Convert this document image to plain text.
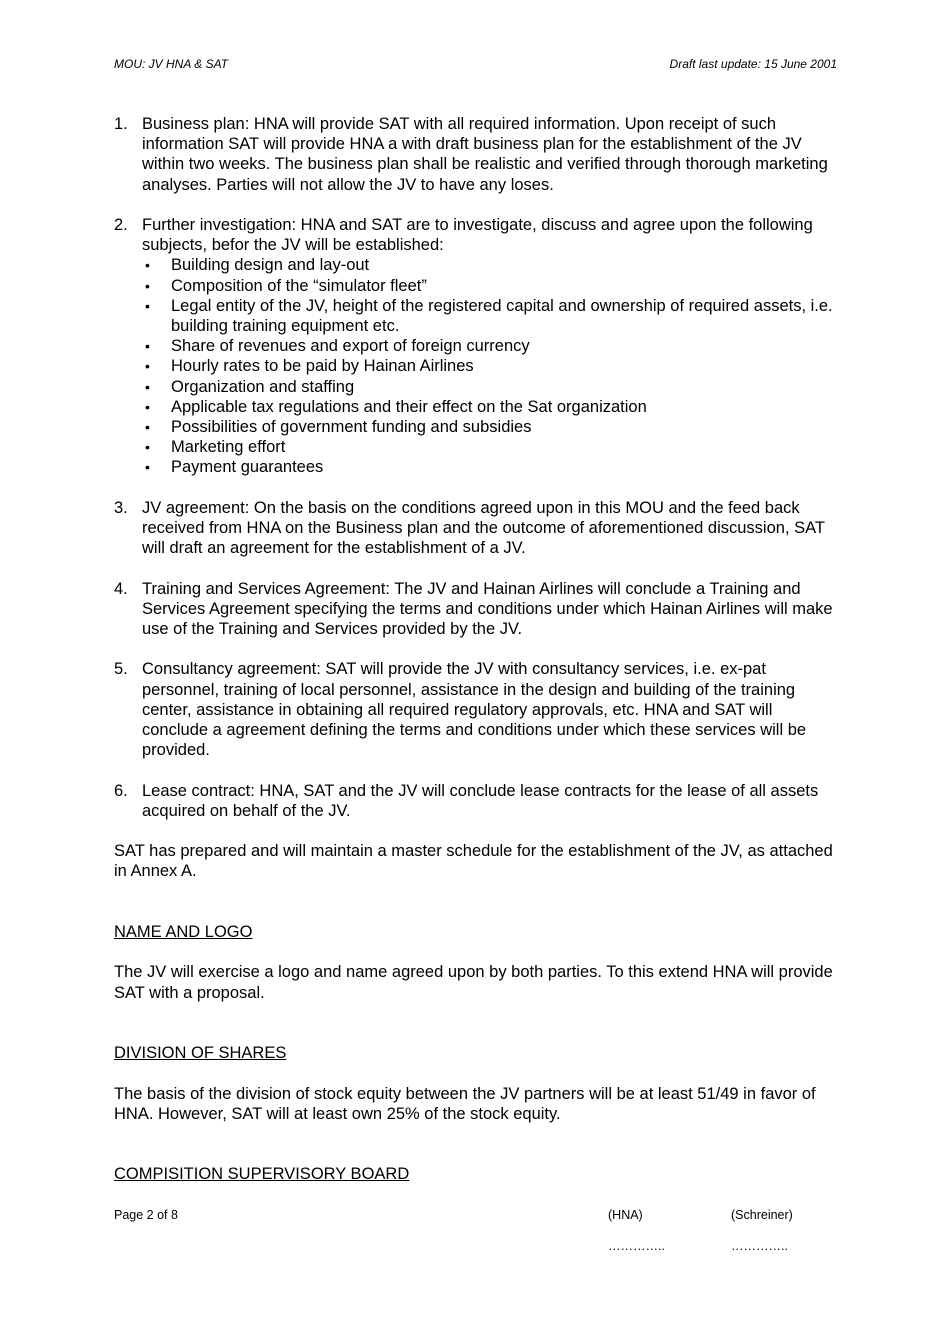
MOU: JV HNA & SAT	Draft last update: 15 June 2001
1. Business plan: HNA will provide SAT with all required information. Upon receipt of such information SAT will provide HNA a with draft business plan for the establishment of the JV within two weeks. The business plan shall be realistic and verified through thorough marketing analyses. Parties will not allow the JV to have any loses.
2. Further investigation: HNA and SAT are to investigate, discuss and agree upon the following subjects, befor the JV will be established:
• Building design and lay-out
• Composition of the “simulator fleet”
• Legal entity of the JV, height of the registered capital and ownership of required assets, i.e. building training equipment etc.
• Share of revenues and export of foreign currency
• Hourly rates to be paid by Hainan Airlines
• Organization and staffing
• Applicable tax regulations and their effect on the Sat organization
• Possibilities of government funding and subsidies
• Marketing effort
• Payment guarantees
3. JV agreement: On the basis on the conditions agreed upon in this MOU and the feed back received from HNA on the Business plan and the outcome of aforementioned discussion, SAT will draft an agreement for the establishment of a JV.
4. Training and Services Agreement: The JV and Hainan Airlines will conclude a Training and Services Agreement specifying the terms and conditions under which Hainan Airlines will make use of the Training and Services provided by the JV.
5. Consultancy agreement: SAT will provide the JV with consultancy services, i.e. ex-pat personnel, training of local personnel, assistance in the design and building of the training center, assistance in obtaining all required regulatory approvals, etc. HNA and SAT will conclude a agreement defining the terms and conditions under which these services will be provided.
6. Lease contract: HNA, SAT and the JV will conclude lease contracts for the lease of all assets acquired on behalf of the JV.

SAT has prepared and will maintain a master schedule for the establishment of the JV, as attached in Annex A.

NAME AND LOGO

The JV will exercise a logo and name agreed upon by both parties. To this extend HNA will provide SAT with a proposal.

DIVISION OF SHARES

The basis of the division of stock equity between the JV partners will be at least 51/49 in favor of HNA. However, SAT will at least own 25% of the stock equity.

COMPISITION SUPERVISORY BOARD
Page 2 of 8	(HNA)	(Schreiner)
…………..	…………..
